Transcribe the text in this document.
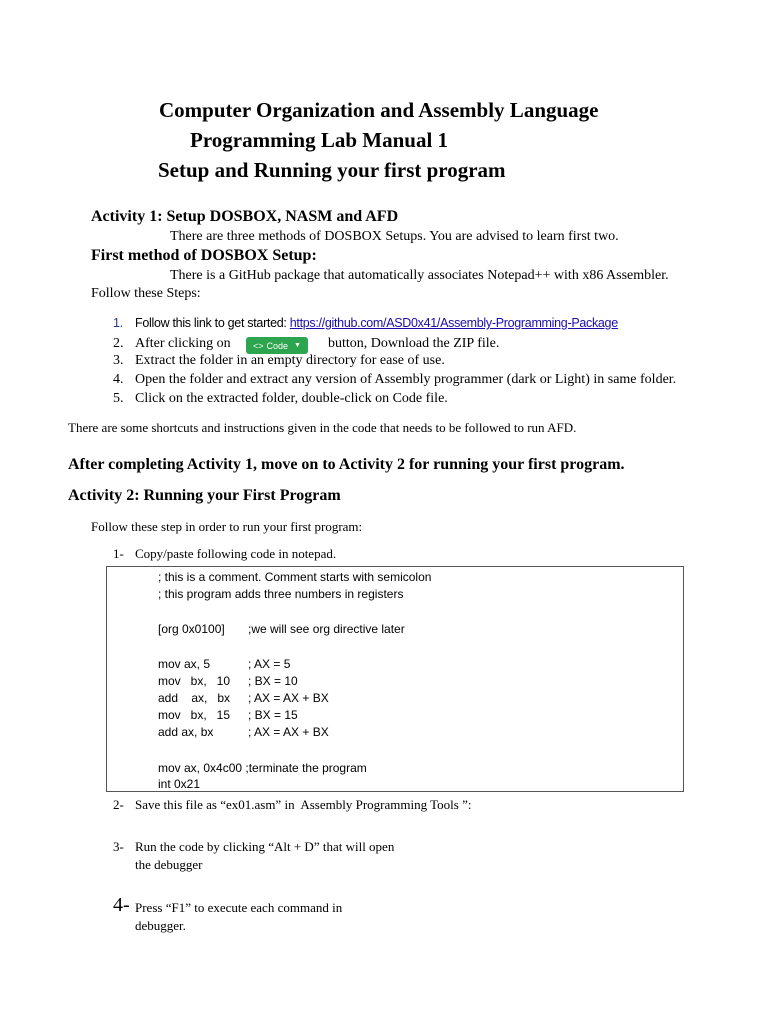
Computer Organization and Assembly Language
Programming Lab Manual 1
Setup and Running your first program
Activity 1: Setup DOSBOX, NASM and AFD
There are three methods of DOSBOX Setups. You are advised to learn first two.
First method of DOSBOX Setup:
There is a GitHub package that automatically associates Notepad++ with x86 Assembler.
Follow these Steps:
1. Follow this link to get started: https://github.com/ASD0x41/Assembly-Programming-Package
2. After clicking on <> Code ▼ button, Download the ZIP file.
3. Extract the folder in an empty directory for ease of use.
4. Open the folder and extract any version of Assembly programmer (dark or Light) in same folder.
5. Click on the extracted folder, double-click on Code file.
There are some shortcuts and instructions given in the code that needs to be followed to run AFD.
After completing Activity 1, move on to Activity 2 for running your first program.
Activity 2: Running your First Program
Follow these step in order to run your first program:
1- Copy/paste following code in notepad.
; this is a comment. Comment starts with semicolon
; this program adds three numbers in registers
[org 0x0100] ;we will see org directive later
mov ax, 5	; AX = 5
mov   bx,   10 ; BX = 10
add    ax,   bx ; AX = AX + BX
mov   bx,   15 ; BX = 15
add ax, bx	; AX = AX + BX
mov ax, 0x4c00 ;terminate the program
int 0x21
2- Save this file as “ex01.asm” in  Assembly Programming Tools ”:
3- Run the code by clicking “Alt + D” that will open
the debugger
4- Press “F1” to execute each command in
debugger.
